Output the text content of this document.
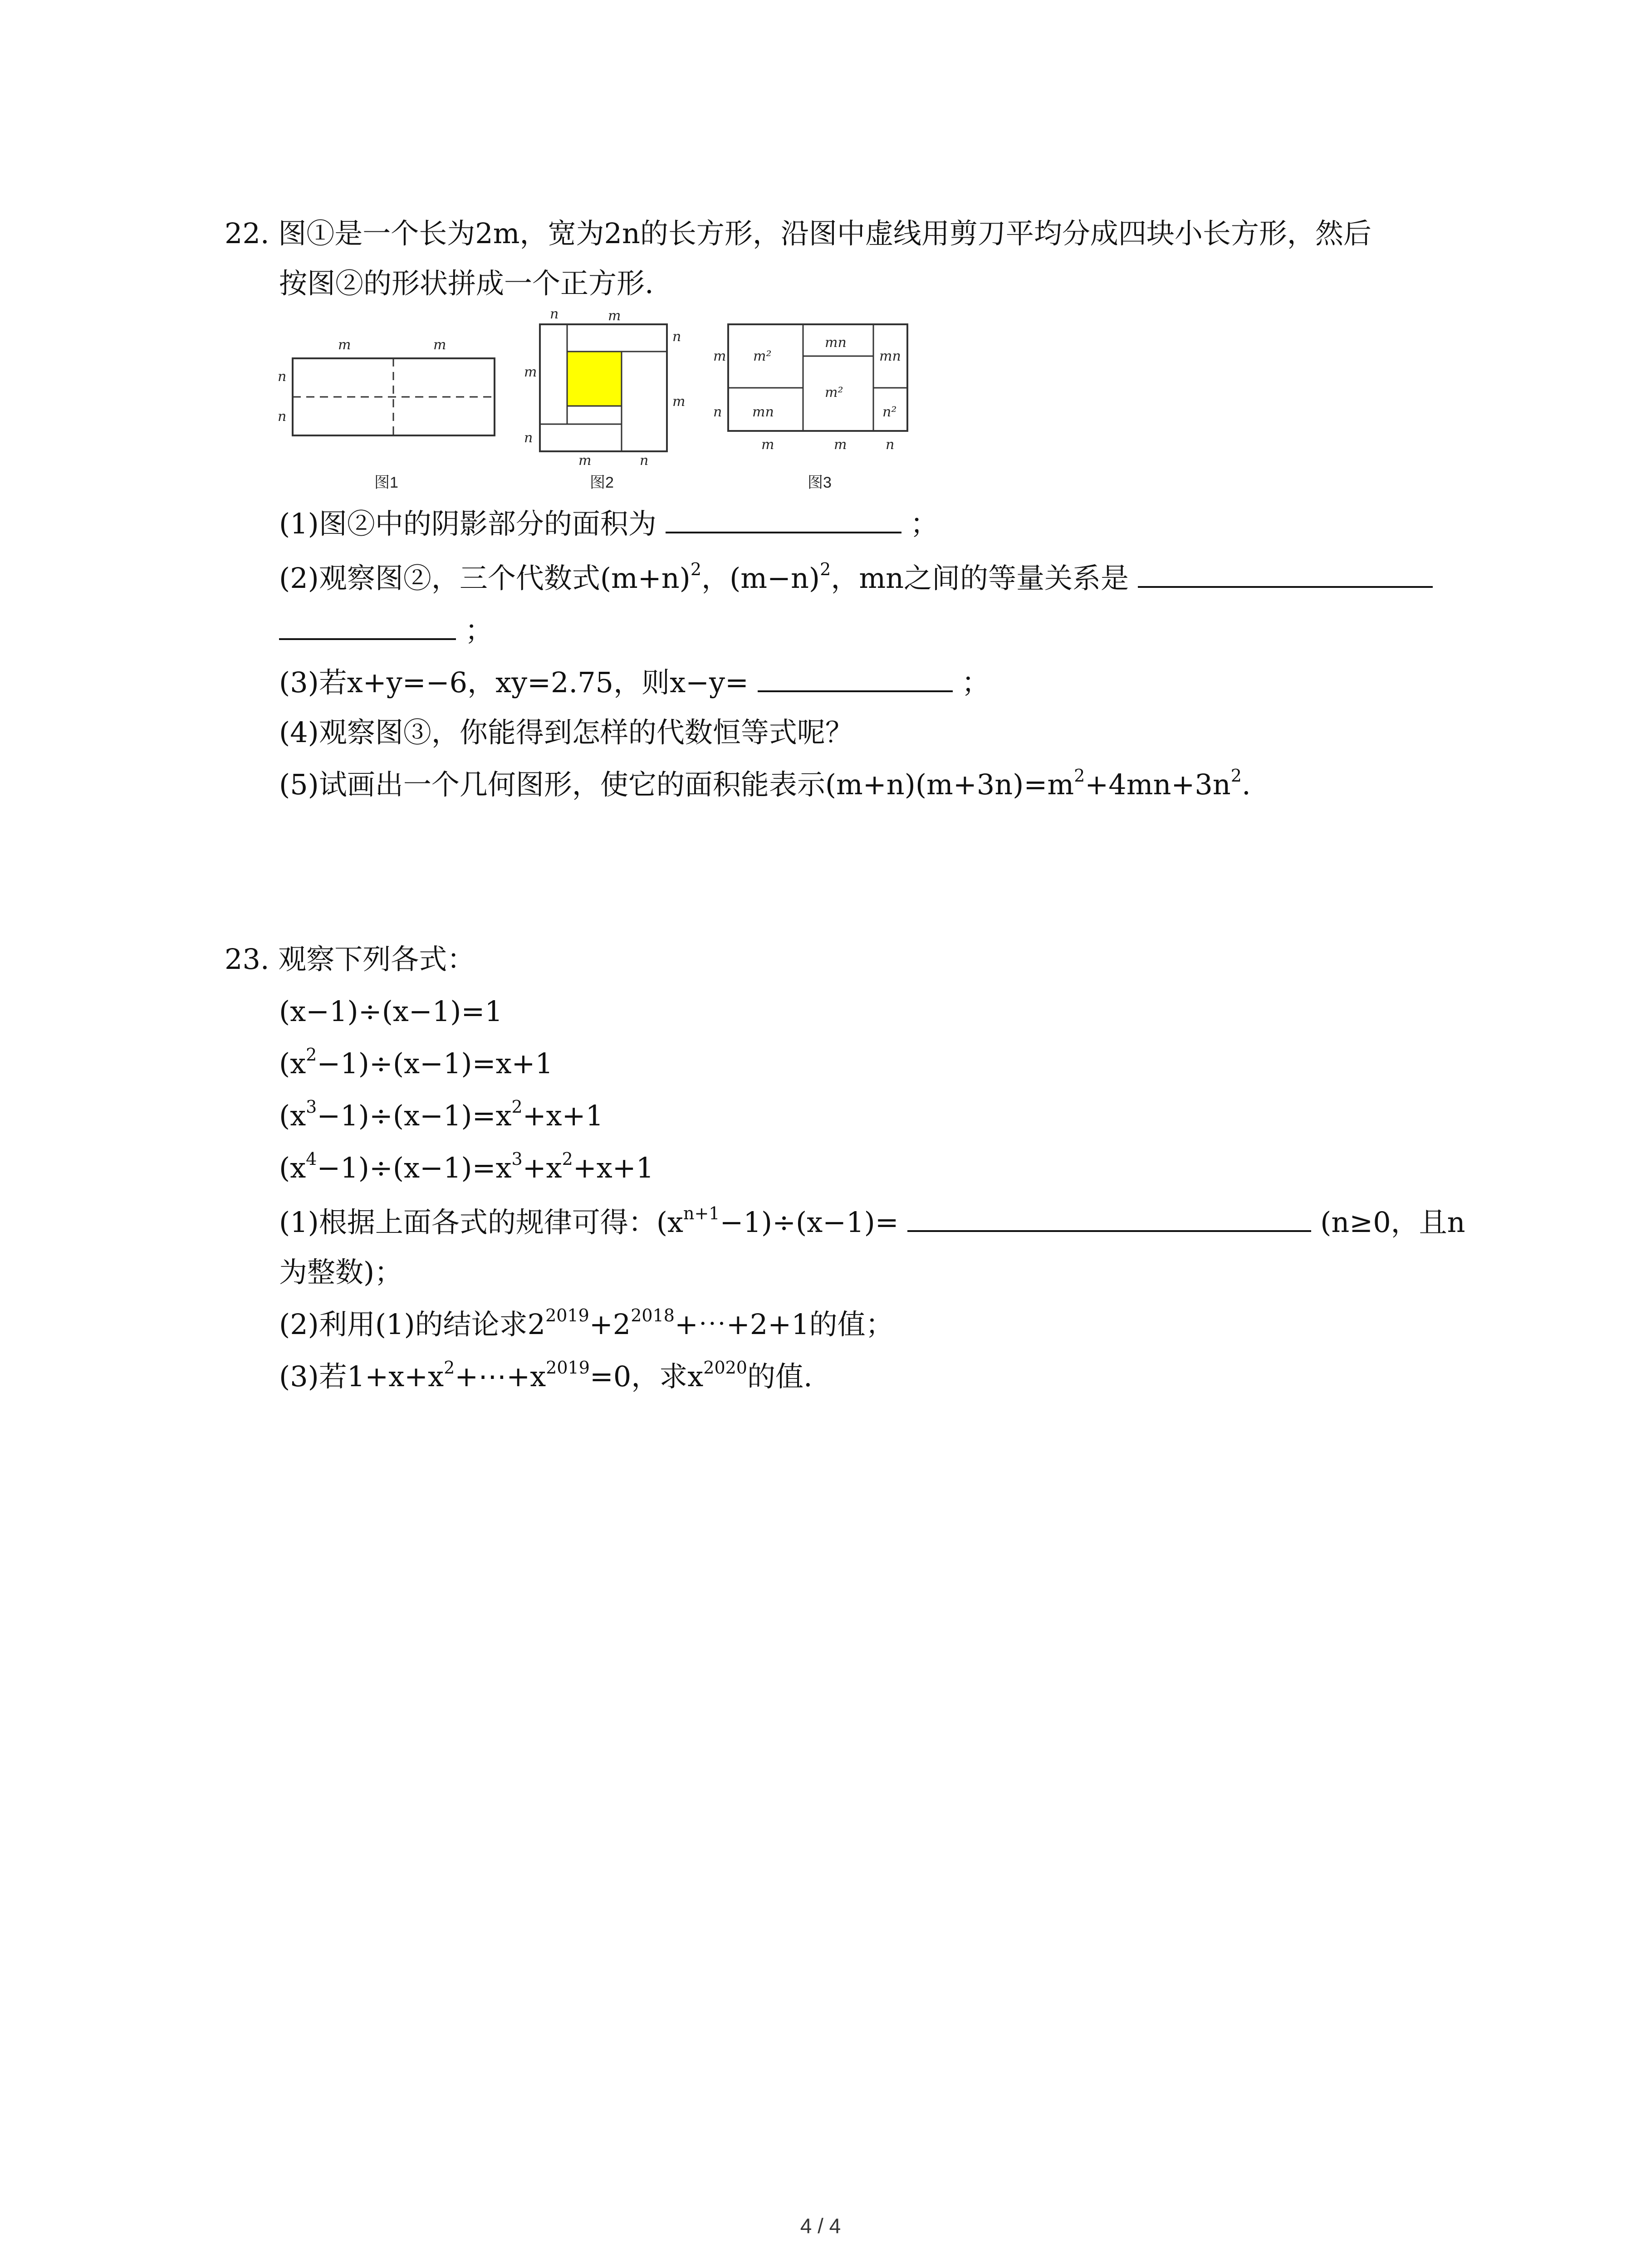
22. 图①是一个长为2m，宽为2n的长方形，沿图中虚线用剪刀平均分成四块小长方形，然后
按图②的形状拼成一个正方形.
m	m
n
n
图1
n	m
n
m
m
n
m	n
图2
m²
mn
mn
m²
mn	n²
m
n
m	m	n
图3
(1)图②中的阴影部分的面积为	；
(2)观察图②，三个代数式$(m+n)^2$，$(m-n)^2$，mn之间的等量关系是
；
(3)若x+y=−6，xy=2.75，则x−y=	；
(4)观察图③，你能得到怎样的代数恒等式呢？
(5)试画出一个几何图形，使它的面积能表示$(m+n)(m+3n)=m^2+4mn+3n^2$.
23. 观察下列各式：
(x−1)÷(x−1)=1
$(x^2-1)\div(x-1)=x+1$
$(x^3-1)\div(x-1)=x^2+x+1$
$(x^4-1)\div(x-1)=x^3+x^2+x+1$
(1)根据上面各式的规律可得：$(x^{n+1}-1)\div(x-1)=$	(n≥0，且n
为整数)；
(2)利用(1)的结论求$2^{2019}+2^{2018}+\cdots+2+1$的值；
(3)若$1+x+x^2+\cdots+x^{2019}=0$，求$x^{2020}$的值.
4 / 4
